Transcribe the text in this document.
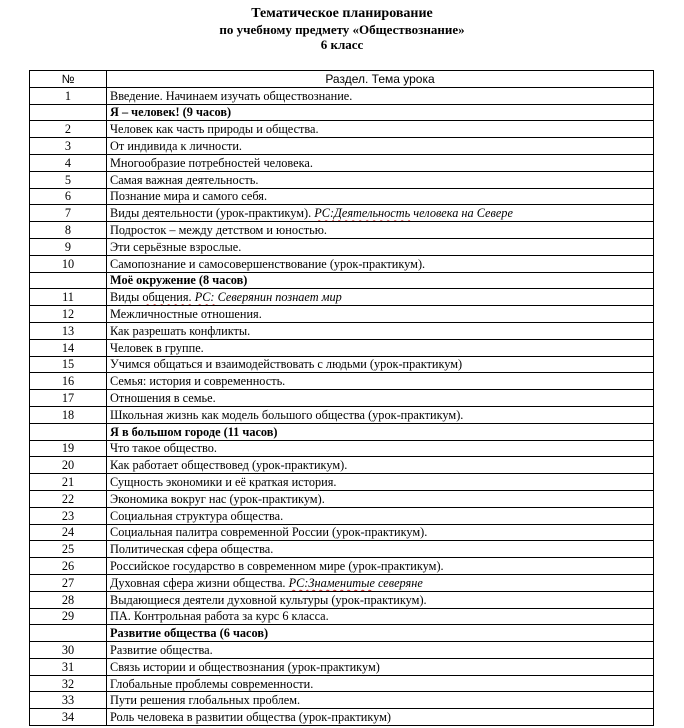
Тематическое планирование
по учебному предмету «Обществознание»
6 класс
№	Раздел. Тема урока
1	Введение. Начинаем изучать обществознание.
	Я – человек! (9 часов)
2	Человек как часть природы и общества.
3	От индивида к личности.
4	Многообразие потребностей человека.
5	Самая важная деятельность.
6	Познание мира и самого себя.
7	Виды деятельности (урок-практикум). РС:Деятельность человека на Севере
8	Подросток – между детством и юностью.
9	Эти серьёзные взрослые.
10	Самопознание и самосовершенствование (урок-практикум).
	Моё окружение (8 часов)
11	Виды общения. РС: Северянин познает мир
12	Межличностные отношения.
13	Как разрешать конфликты.
14	Человек в группе.
15	Учимся общаться и взаимодействовать с людьми (урок-практикум)
16	Семья: история и современность.
17	Отношения в семье.
18	Школьная жизнь как модель большого общества (урок-практикум).
	Я в большом городе (11 часов)
19	Что такое общество.
20	Как работает обществовед (урок-практикум).
21	Сущность экономики и её краткая история.
22	Экономика вокруг нас (урок-практикум).
23	Социальная структура общества.
24	Социальная палитра современной России (урок-практикум).
25	Политическая сфера общества.
26	Российское государство в современном мире (урок-практикум).
27	Духовная сфера жизни общества. РС:Знаменитые северяне
28	Выдающиеся деятели духовной культуры (урок-практикум).
29	ПА. Контрольная работа за курс 6 класса.
	Развитие общества (6 часов)
30	Развитие общества.
31	Связь истории и обществознания (урок-практикум)
32	Глобальные проблемы современности.
33	Пути решения глобальных проблем.
34	Роль человека в развитии общества (урок-практикум)
